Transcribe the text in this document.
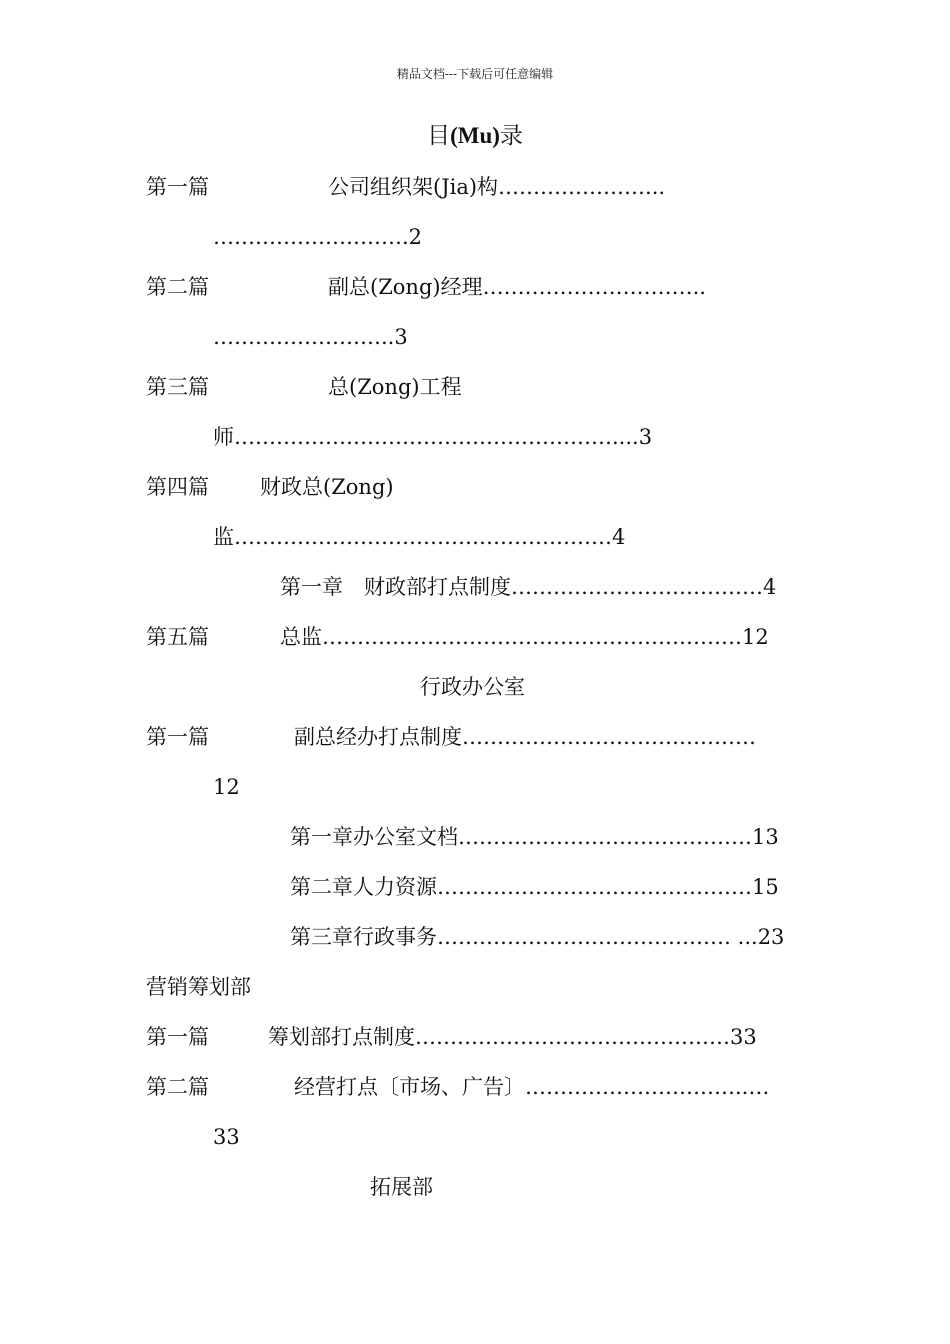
精品文档---下载后可任意编辑
目(Mu)录
第一篇	公司组织架(Jia)构…………………...
……………………….2
第二篇	副总(Zong)经理…………………………..
……………………..3
第三篇	总(Zong)工程
师………………………………………………....3
第四篇 财政总(Zong)
监………………………………………………4
第一章　财政部打点制度………………………………4
第五篇	总监……………………………………………………12
行政办公室
第一篇	副总经办打点制度……………………………………
12
第一章办公室文档……………………………………13
第二章人力资源………………………………………15
第三章行政事务…………………………………… ...23
营销筹划部
第一篇	筹划部打点制度………………………………………33
第二篇	经营打点〔市场、广告〕…………………………..…
33
拓展部
